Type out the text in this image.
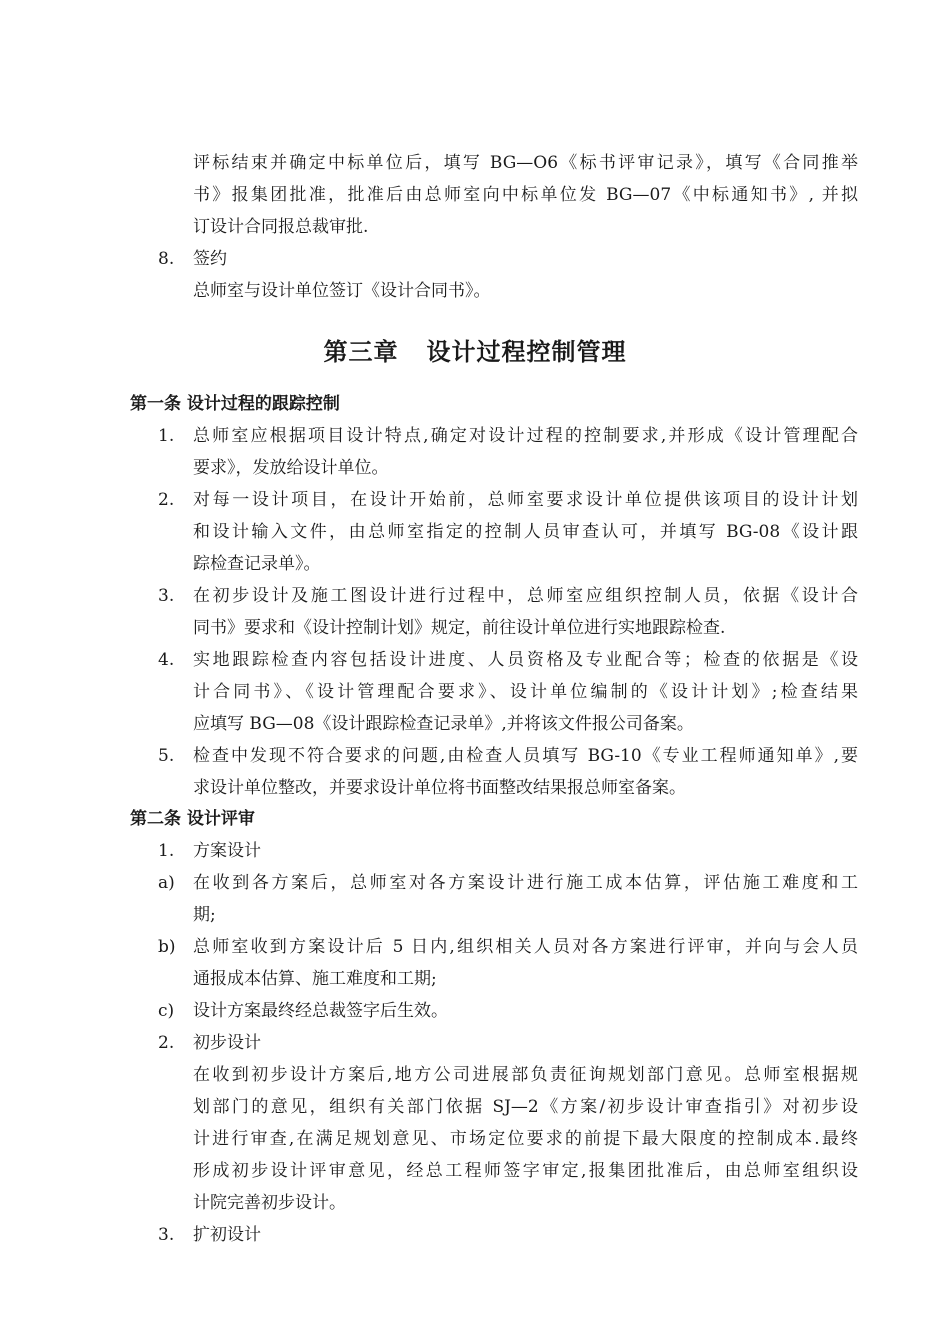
评标结束并确定中标单位后，填写 BG—O6《标书评审记录》，填写《合同推举
书》报集团批准，批准后由总师室向中标单位发 BG—07《中标通知书》, 并拟
订设计合同报总裁审批.
8. 签约
总师室与设计单位签订《设计合同书》。
第三章   设计过程控制管理
第一条 设计过程的跟踪控制
1. 总师室应根据项目设计特点,确定对设计过程的控制要求,并形成《设计管理配合
要求》，发放给设计单位。
2. 对每一设计项目，在设计开始前，总师室要求设计单位提供该项目的设计计划
和设计输入文件，由总师室指定的控制人员审查认可，并填写 BG-08《设计跟
踪检查记录单》。
3. 在初步设计及施工图设计进行过程中，总师室应组织控制人员，依据《设计合
同书》要求和《设计控制计划》规定，前往设计单位进行实地跟踪检查.
4. 实地跟踪检查内容包括设计进度、人员资格及专业配合等；检查的依据是《设
计合同书》、《设计管理配合要求》、设计单位编制的《设计计划》;检查结果
应填写 BG—08《设计跟踪检查记录单》,并将该文件报公司备案。
5. 检查中发现不符合要求的问题,由检查人员填写 BG-10《专业工程师通知单》,要
求设计单位整改，并要求设计单位将书面整改结果报总师室备案。
第二条 设计评审
1. 方案设计
a) 在收到各方案后，总师室对各方案设计进行施工成本估算，评估施工难度和工
期;
b) 总师室收到方案设计后 5 日内,组织相关人员对各方案进行评审，并向与会人员
通报成本估算、施工难度和工期;
c) 设计方案最终经总裁签字后生效。
2. 初步设计
在收到初步设计方案后,地方公司进展部负责征询规划部门意见。总师室根据规
划部门的意见，组织有关部门依据 SJ—2《方案/初步设计审查指引》对初步设
计进行审查,在满足规划意见、市场定位要求的前提下最大限度的控制成本.最终
形成初步设计评审意见，经总工程师签字审定,报集团批准后，由总师室组织设
计院完善初步设计。
3. 扩初设计
